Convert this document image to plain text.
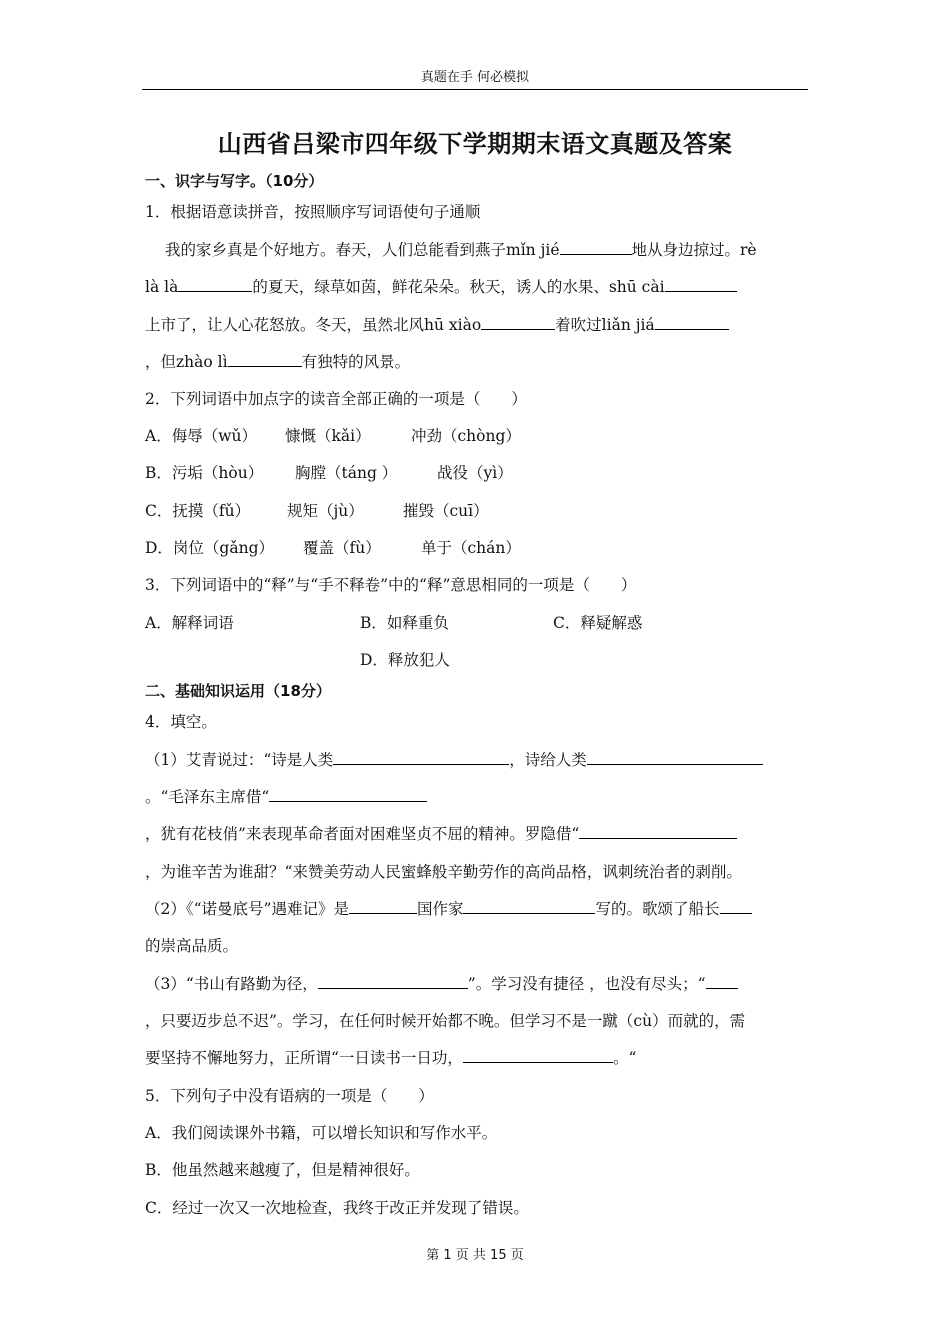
真题在手 何必模拟
山西省吕梁市四年级下学期期末语文真题及答案
一、识字与写字。（10分）
1．根据语意读拼音，按照顺序写词语使句子通顺
我的家乡真是个好地方。春天，人们总能看到燕子mǐn jié	地从身边掠过。rè
là là	的夏天，绿草如茵，鲜花朵朵。秋天，诱人的水果、shū cài
上市了，让人心花怒放。冬天，虽然北风hū xiào	着吹过liǎn jiá
，但zhào lì	有独特的风景。
2．下列词语中加点字的读音全部正确的一项是（　　）
A．侮辱（wǔ） 慷慨（kǎi）	冲劲（chòng）
B．污垢（hòu） 胸膛（táng ）	战役（yì）
C．抚摸（fǔ） 规矩（jù）	摧毁（cuī）
D．岗位（gǎng） 覆盖（fù）	单于（chán）
3．下列词语中的“释”与“手不释卷”中的“释”意思相同的一项是（　　）
A．解释词语	B．如释重负	C．释疑解惑
D．释放犯人
二、基础知识运用（18分）
4．填空。
（1）艾青说过：“诗是人类	，诗给人类
。“毛泽东主席借“
，犹有花枝俏”来表现革命者面对困难坚贞不屈的精神。罗隐借“
，为谁辛苦为谁甜？“来赞美劳动人民蜜蜂般辛勤劳作的高尚品格，讽刺统治者的剥削。
（2）《“诺曼底号”遇难记》是	国作家	写的。歌颂了船长
的崇高品质。
（3）“书山有路勤为径，	”。学习没有捷径 ，也没有尽头；“
，只要迈步总不迟”。学习，在任何时候开始都不晚。但学习不是一蹴（cù）而就的，需
要坚持不懈地努力，正所谓“一日读书一日功，	。“
5．下列句子中没有语病的一项是（　　）
A．我们阅读课外书籍，可以增长知识和写作水平。
B．他虽然越来越瘦了，但是精神很好。
C．经过一次又一次地检查，我终于改正并发现了错误。
第 1 页 共 15 页
